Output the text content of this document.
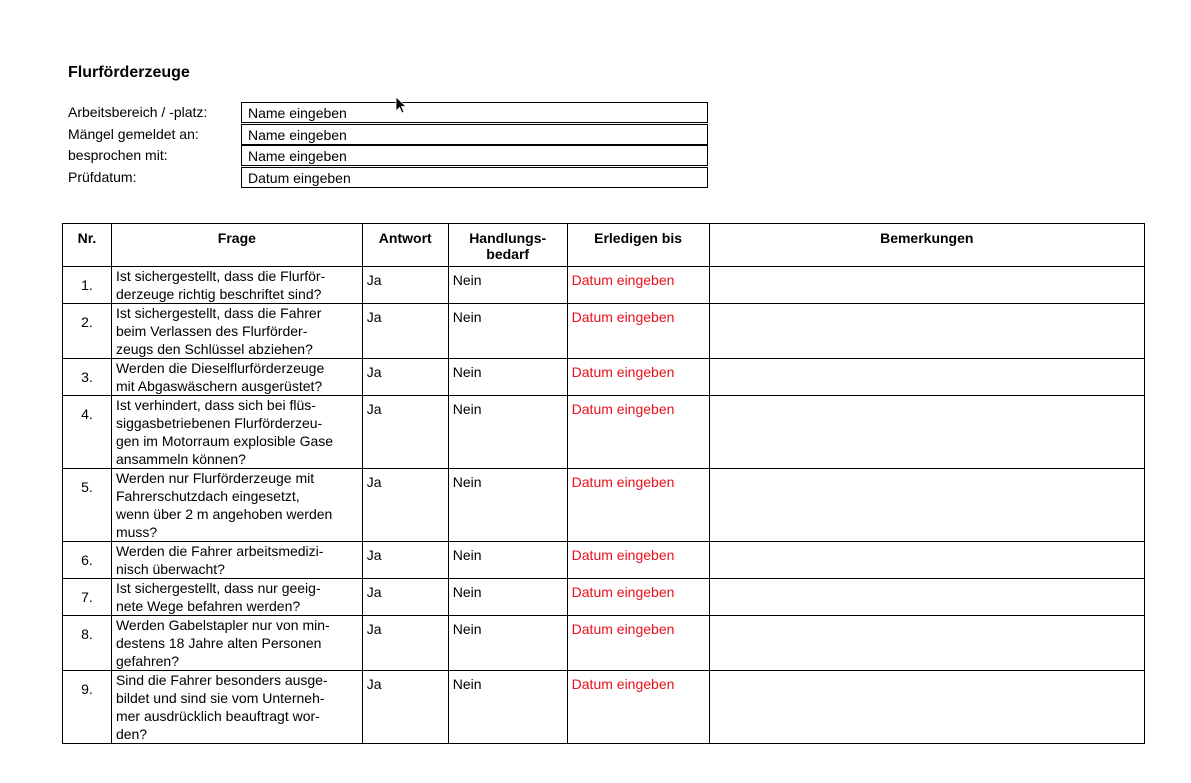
Flurförderzeuge
Arbeitsbereich / -platz:	Name eingeben
Mängel gemeldet an:	Name eingeben
besprochen mit:	Name eingeben
Prüfdatum:	Datum eingeben
Nr.	Frage	Antwort	Handlungs-
bedarf	Erledigen bis	Bemerkungen
1.	Ist sichergestellt, dass die Flurför-
derzeuge richtig beschriftet sind?	Ja	Nein	Datum eingeben	
2.	Ist sichergestellt, dass die Fahrer
beim Verlassen des Flurförder-
zeugs den Schlüssel abziehen?	Ja	Nein	Datum eingeben	
3.	Werden die Dieselflurförderzeuge
mit Abgaswäschern ausgerüstet?	Ja	Nein	Datum eingeben	
4.	Ist verhindert, dass sich bei flüs-
siggasbetriebenen Flurförderzeu-
gen im Motorraum explosible Gase
ansammeln können?	Ja	Nein	Datum eingeben	
5.	Werden nur Flurförderzeuge mit
Fahrerschutzdach eingesetzt,
wenn über 2 m angehoben werden
muss?	Ja	Nein	Datum eingeben	
6.	Werden die Fahrer arbeitsmedizi-
nisch überwacht?	Ja	Nein	Datum eingeben	
7.	Ist sichergestellt, dass nur geeig-
nete Wege befahren werden?	Ja	Nein	Datum eingeben	
8.	Werden Gabelstapler nur von min-
destens 18 Jahre alten Personen
gefahren?	Ja	Nein	Datum eingeben	
9.	Sind die Fahrer besonders ausge-
bildet und sind sie vom Unterneh-
mer ausdrücklich beauftragt wor-
den?	Ja	Nein	Datum eingeben	
